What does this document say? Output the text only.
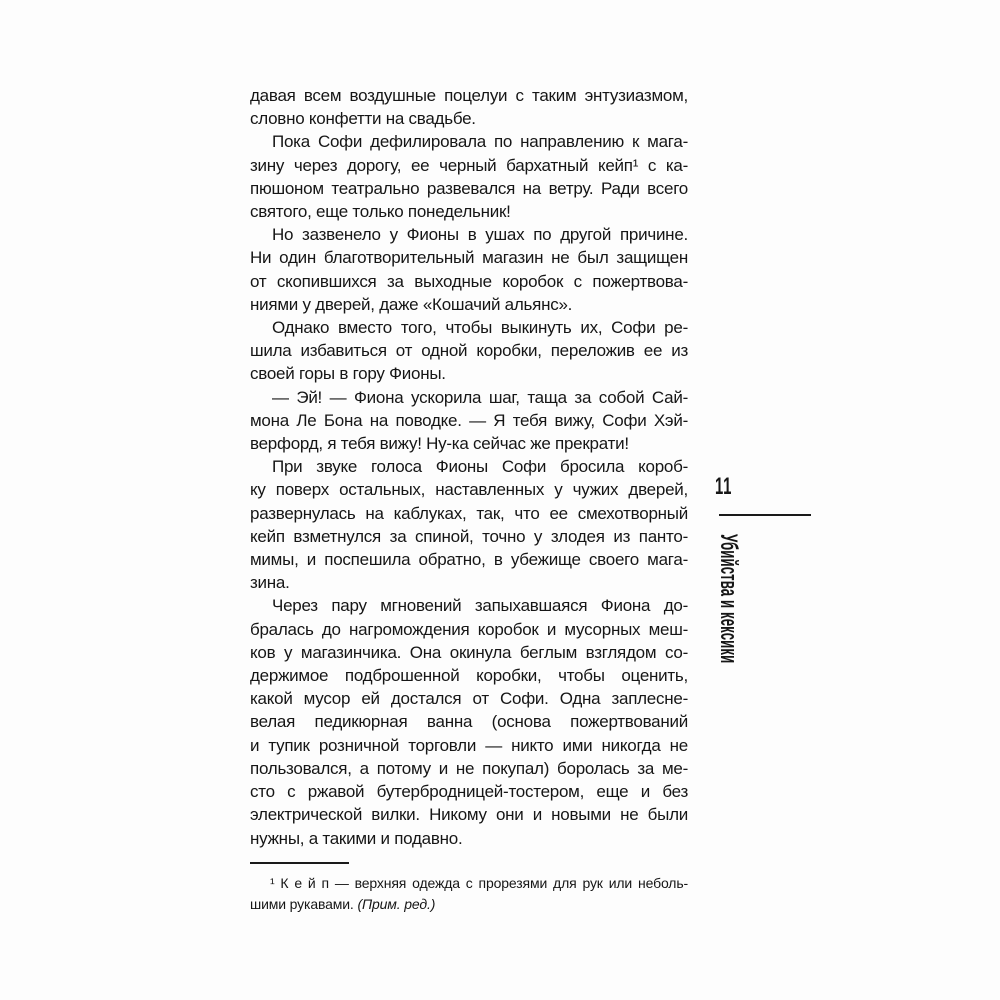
давая всем воздушные поцелуи с таким энтузиазмом,
словно конфетти на свадьбе.
Пока Софи дефилировала по направлению к мага-
зину через дорогу, ее черный бархатный кейп¹ с ка-
пюшоном театрально развевался на ветру. Ради всего
святого, еще только понедельник!
Но зазвенело у Фионы в ушах по другой причине.
Ни один благотворительный магазин не был защищен
от скопившихся за выходные коробок с пожертвова-
ниями у дверей, даже «Кошачий альянс».
Однако вместо того, чтобы выкинуть их, Софи ре-
шила избавиться от одной коробки, переложив ее из
своей горы в гору Фионы.
— Эй! — Фиона ускорила шаг, таща за собой Сай-
мона Ле Бона на поводке. — Я тебя вижу, Софи Хэй-
верфорд, я тебя вижу! Ну-ка сейчас же прекрати!
При звуке голоса Фионы Софи бросила короб-
ку поверх остальных, наставленных у чужих дверей,
развернулась на каблуках, так, что ее смехотворный
кейп взметнулся за спиной, точно у злодея из панто-
мимы, и поспешила обратно, в убежище своего мага-
зина.
Через пару мгновений запыхавшаяся Фиона до-
бралась до нагромождения коробок и мусорных меш-
ков у магазинчика. Она окинула беглым взглядом со-
держимое подброшенной коробки, чтобы оценить,
какой мусор ей достался от Софи. Одна заплесне-
велая педикюрная ванна (основа пожертвований
и тупик розничной торговли — никто ими никогда не
пользовался, а потому и не покупал) боролась за ме-
сто с ржавой бутербродницей-тостером, еще и без
электрической вилки. Никому они и новыми не были
нужны, а такими и подавно.
¹ К е й п — верхняя одежда с прорезями для рук или неболь-
шими рукавами. (Прим. ред.)
11
Убийства и кексики
